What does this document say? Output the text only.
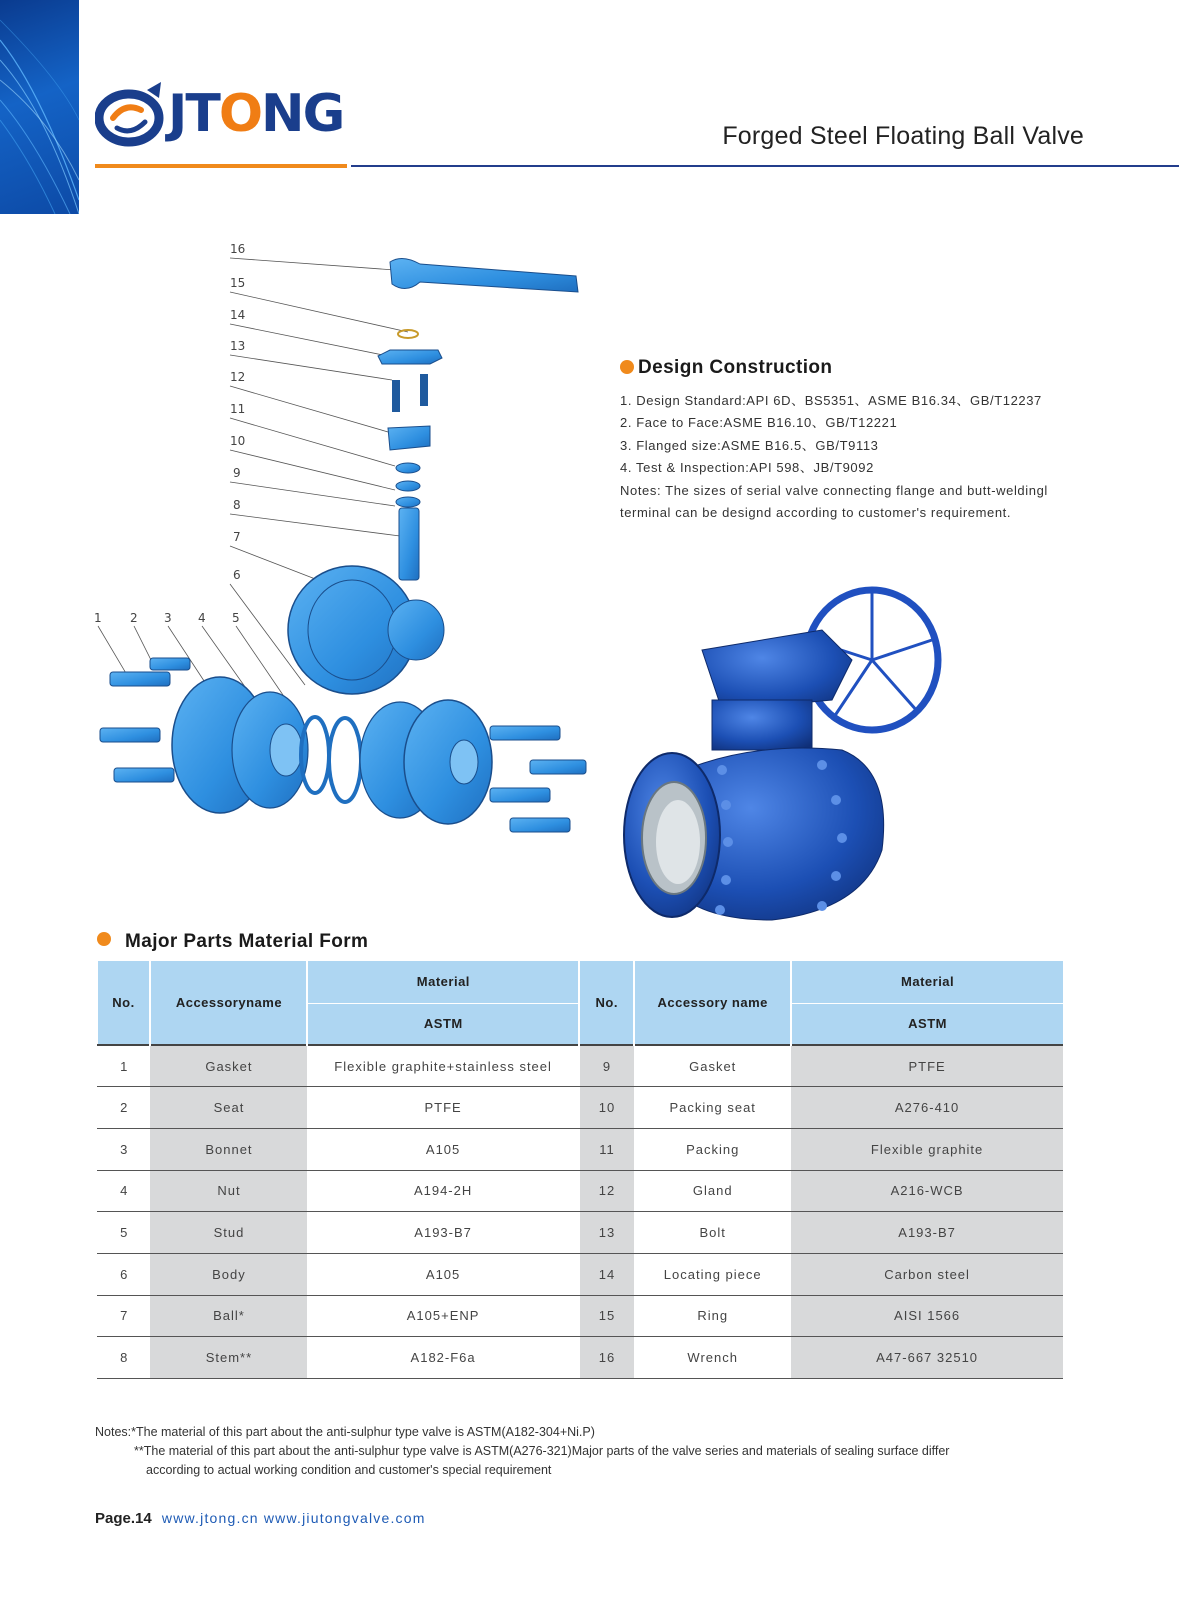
JTONG	Forged Steel Floating Ball Valve
16
15
14
13
12
11
10
9
8
7
6
1 2 3 4 5
Design Construction
1. Design Standard:API 6D、BS5351、ASME B16.34、GB/T12237
2. Face to Face:ASME B16.10、GB/T12221
3. Flanged size:ASME B16.5、GB/T9113
4. Test & Inspection:API 598、JB/T9092
Notes: The sizes of serial valve connecting flange and butt-weldingl
terminal can be designd according to customer's requirement.
Major Parts Material Form
No.	Accessoryname	Material	No.	Accessory name	Material
		ASTM			ASTM
1	Gasket	Flexible graphite+stainless steel	9	Gasket	PTFE
2	Seat	PTFE	10	Packing seat	A276-410
3	Bonnet	A105	11	Packing	Flexible graphite
4	Nut	A194-2H	12	Gland	A216-WCB
5	Stud	A193-B7	13	Bolt	A193-B7
6	Body	A105	14	Locating piece	Carbon steel
7	Ball*	A105+ENP	15	Ring	AISI 1566
8	Stem**	A182-F6a	16	Wrench	A47-667 32510
Notes:*The material of this part about the anti-sulphur type valve is ASTM(A182-304+Ni.P)
**The material of this part about the anti-sulphur type valve is ASTM(A276-321)Major parts of the valve series and materials of sealing surface differ
according to actual working condition and customer's special requirement
Page.14 www.jtong.cn www.jiutongvalve.com
